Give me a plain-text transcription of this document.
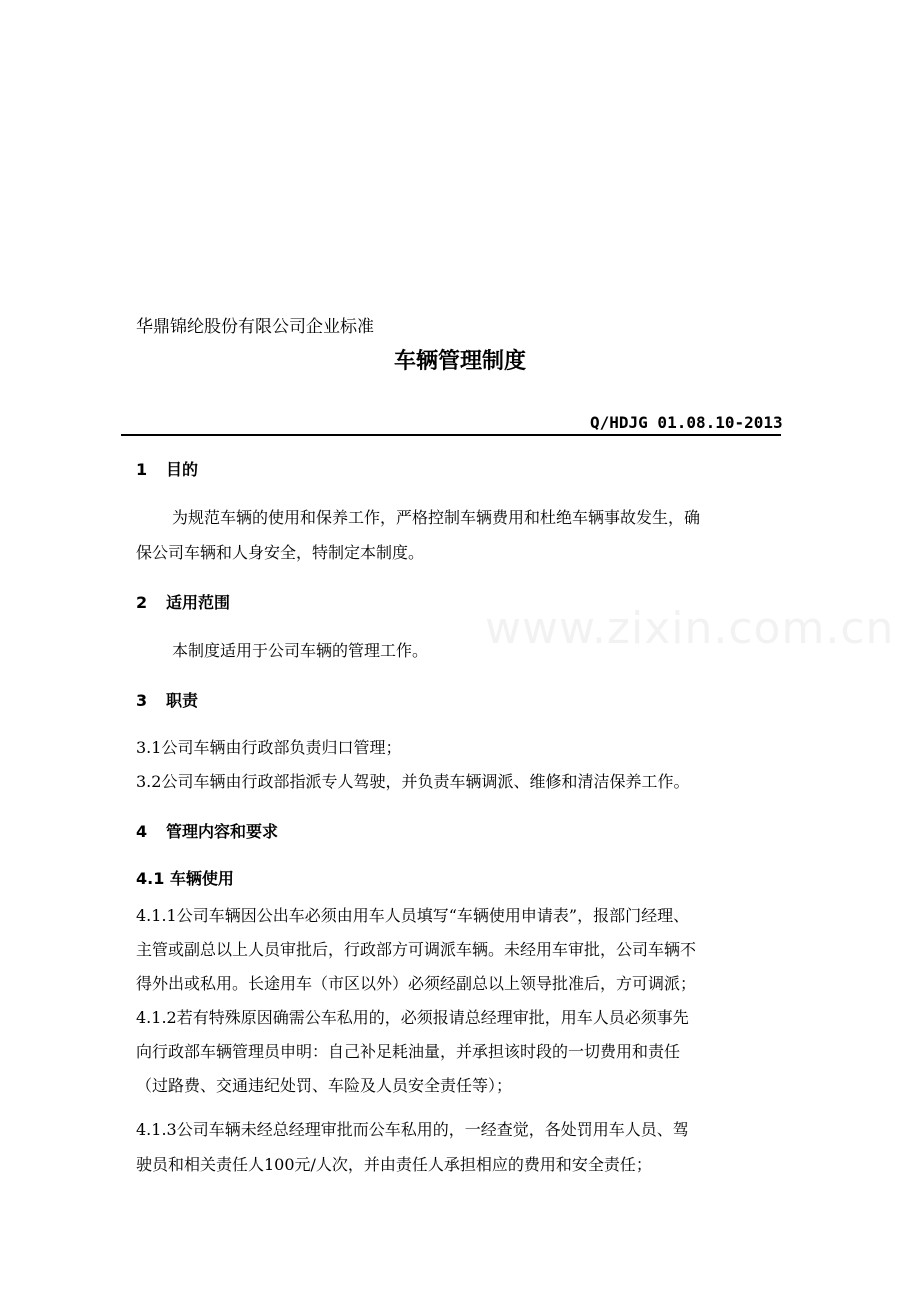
华鼎锦纶股份有限公司企业标准
车辆管理制度
Q/HDJG 01.08.10-2013
www.zixin.com.cn
1 目的
为规范车辆的使用和保养工作，严格控制车辆费用和杜绝车辆事故发生，确
保公司车辆和人身安全，特制定本制度。
2 适用范围
本制度适用于公司车辆的管理工作。
3 职责
3.1公司车辆由行政部负责归口管理；
3.2公司车辆由行政部指派专人驾驶，并负责车辆调派、维修和清洁保养工作。
4 管理内容和要求
4.1 车辆使用
4.1.1公司车辆因公出车必须由用车人员填写“车辆使用申请表”，报部门经理、
主管或副总以上人员审批后，行政部方可调派车辆。未经用车审批，公司车辆不
得外出或私用。长途用车（市区以外）必须经副总以上领导批准后，方可调派；
4.1.2若有特殊原因确需公车私用的，必须报请总经理审批，用车人员必须事先
向行政部车辆管理员申明：自己补足耗油量，并承担该时段的一切费用和责任
（过路费、交通违纪处罚、车险及人员安全责任等）；
4.1.3公司车辆未经总经理审批而公车私用的，一经查觉，各处罚用车人员、驾
驶员和相关责任人100元/人次，并由责任人承担相应的费用和安全责任；
